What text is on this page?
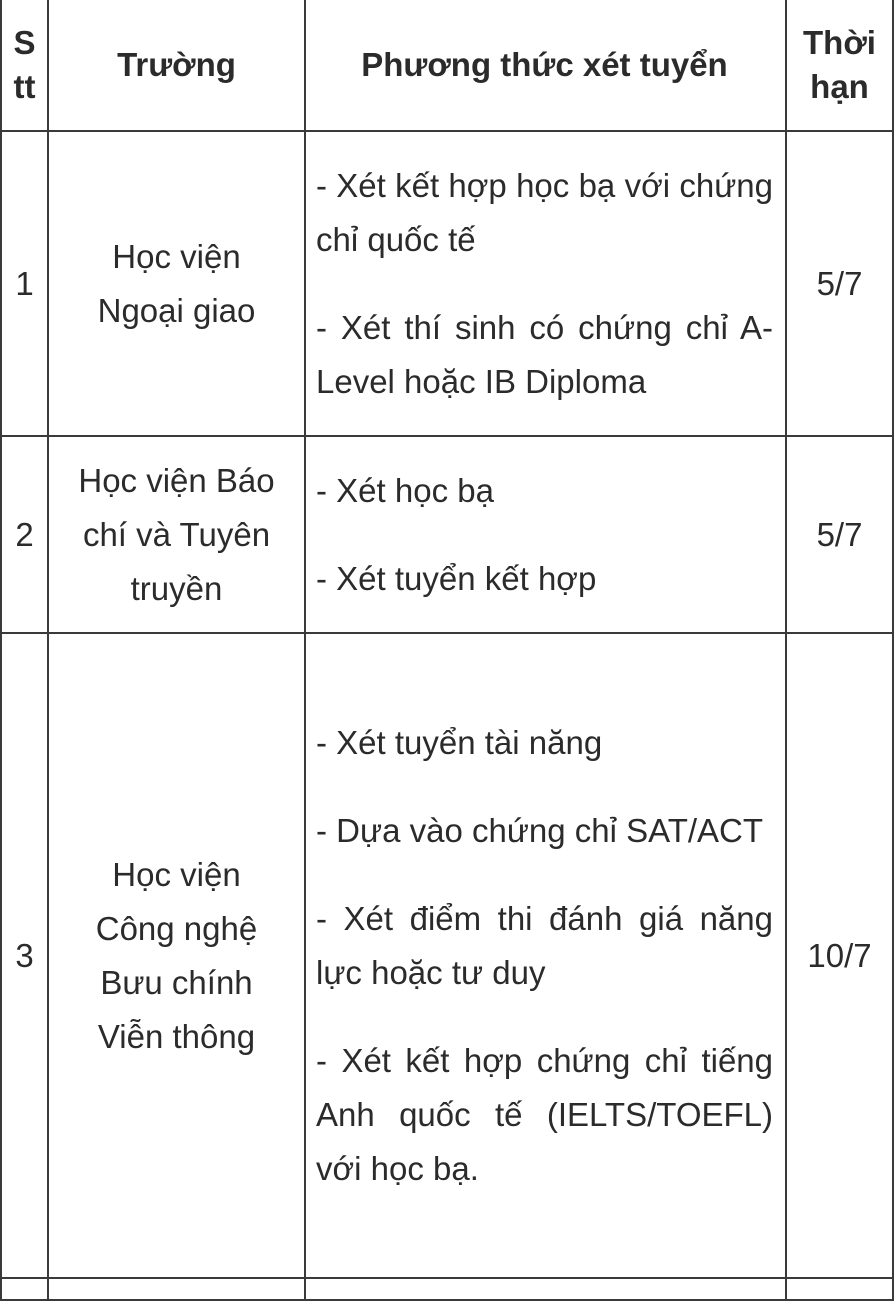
S tt	Trường	Phương thức xét tuyển	Thời hạn

1	Học viện Ngoại giao	- Xét kết hợp học bạ với chứng chỉ quốc tế
- Xét thí sinh có chứng chỉ A-Level hoặc IB Diploma	5/7
2	Học viện Báo chí và Tuyên truyền	- Xét học bạ
- Xét tuyển kết hợp	5/7
3	Học viện Công nghệ Bưu chính Viễn thông	- Xét tuyển tài năng
- Dựa vào chứng chỉ SAT/ACT
- Xét điểm thi đánh giá năng lực hoặc tư duy
- Xét kết hợp chứng chỉ tiếng Anh quốc tế (IELTS/TOEFL) với học bạ.	10/7
